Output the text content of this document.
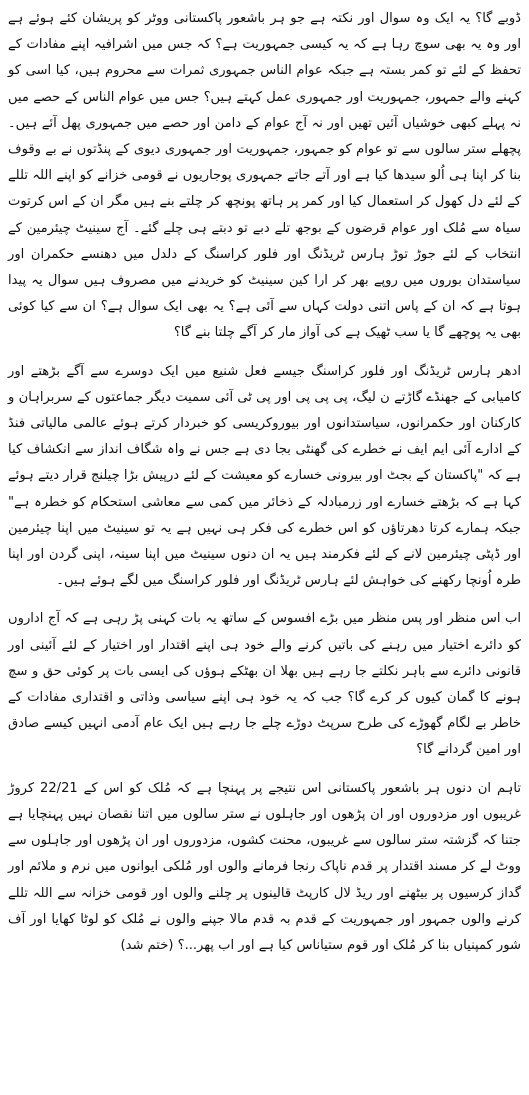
ڈوبے گا؟ یہ ایک وہ سوال اور نکتہ ہے جو ہر باشعور پاکستانی ووٹر کو پریشان کئے ہوئے ہے اور وہ یہ بھی سوچ رہا ہے کہ یہ کیسی جمہوریت ہے؟ کہ جس میں اشرافیہ اپنے مفادات کے تحفظ کے لئے تو کمر بستہ ہے جبکہ عوام الناس جمہوری ثمرات سے محروم ہیں، کیا اسی کو کہنے والے جمہور، جمہوریت اور جمہوری عمل کہتے ہیں؟ جس میں عوام الناس کے حصے میں نہ پہلے کبھی خوشیاں آئیں تھیں اور نہ آج عوام کے دامن اور حصے میں جمہوری پھل آئے ہیں۔ پچھلے ستر سالوں سے تو عوام کو جمہور، جمہوریت اور جمہوری دیوی کے پنڈتوں نے بے وقوف بنا کر اپنا ہی اُلو سیدھا کیا ہے اور آتے جاتے جمہوری پوجاریوں نے قومی خزانے کو اپنے اللہ تللے کے لئے دل کھول کر استعمال کیا اور کمر پر ہاتھ پونچھ کر چلتے بنے ہیں مگر ان کے اس کرتوت سیاہ سے مُلک اور عوام قرضوں کے بوجھ تلے دبے تو دبتے ہی چلے گئے۔ آج سینیٹ چیئرمین کے انتخاب کے لئے جوڑ توڑ ہارس ٹریڈنگ اور فلور کراسنگ کے دلدل میں دھنسے حکمران اور سیاستدان بوروں میں روپے بھر کر ارا کین سینیٹ کو خریدنے میں مصروف ہیں سوال یہ پیدا ہوتا ہے کہ ان کے پاس اتنی دولت کہاں سے آئی ہے؟ یہ بھی ایک سوال ہے؟ ان سے کیا کوئی بھی یہ پوچھے گا یا سب ٹھیک ہے کی آواز مار کر آگے چلتا بنے گا؟

ادھر ہارس ٹریڈنگ اور فلور کراسنگ جیسے فعل شنیع میں ایک دوسرے سے آگے بڑھتے اور کامیابی کے جھنڈے گاڑتے ن لیگ، پی پی پی اور پی ٹی آئی سمیت دیگر جماعتوں کے سربراہان و کارکنان اور حکمرانوں، سیاستدانوں اور بیوروکریسی کو خبردار کرتے ہوئے عالمی مالیاتی فنڈ کے ادارے آئی ایم ایف نے خطرے کی گھنٹی بجا دی ہے جس نے واہ شگاف انداز سے انکشاف کیا ہے کہ "پاکستان کے بجٹ اور بیرونی خسارے کو معیشت کے لئے درپیش بڑا چیلنج قرار دیتے ہوئے کہا ہے کہ بڑھتے خسارے اور زرمبادلہ کے ذخائر میں کمی سے معاشی استحکام کو خطرہ ہے" جبکہ ہمارے کرتا دھرتاؤں کو اس خطرے کی فکر ہی نہیں ہے یہ تو سینیٹ میں اپنا چیئرمین اور ڈپٹی چیئرمین لانے کے لئے فکرمند ہیں یہ ان دنوں سینیٹ میں اپنا سینہ، اپنی گردن اور اپنا طرہ اُونچا رکھنے کی خواہش لئے ہارس ٹریڈنگ اور فلور کراسنگ میں لگے ہوئے ہیں۔

اب اس منظر اور پس منظر میں بڑے افسوس کے ساتھ یہ بات کہنی پڑ رہی ہے کہ آج اداروں کو دائرے اختیار میں رہنے کی باتیں کرنے والے خود ہی اپنے اقتدار اور اختیار کے لئے آئینی اور قانونی دائرے سے باہر نکلتے جا رہے ہیں بھلا ان بھٹکے ہوؤں کی ایسی بات پر کوئی حق و سچ ہونے کا گمان کیوں کر کرے گا؟ جب کہ یہ خود ہی اپنے سیاسی وذاتی و اقتداری مفادات کے خاطر بے لگام گھوڑے کی طرح سرپٹ دوڑے چلے جا رہے ہیں ایک عام آدمی انہیں کیسے صادق اور امین گردانے گا؟

تاہم ان دنوں ہر باشعور پاکستانی اس نتیجے پر پہنچا ہے کہ مُلک کو اس کے 22/21 کروڑ غریبوں اور مزدوروں اور ان پڑھوں اور جاہلوں نے ستر سالوں میں اتنا نقصان نہیں پہنچایا ہے جتنا کہ گزشتہ ستر سالوں سے غریبوں، محنت کشوں، مزدوروں اور ان پڑھوں اور جاہلوں سے ووٹ لے کر مسند اقتدار پر قدم ناپاک رنجا فرمانے والوں اور مُلکی ایوانوں میں نرم و ملائم اور گداز کرسیوں پر بیٹھنے اور ریڈ لال کارپٹ قالینوں پر چلنے والوں اور قومی خزانہ سے اللہ تللے کرنے والوں جمہور اور جمہوریت کے قدم بہ قدم مالا جپنے والوں نے مُلک کو لوٹا کھایا اور آف شور کمپنیاں بنا کر مُلک اور قوم ستیاناس کیا ہے اور اب پھر...؟ (ختم شد)
